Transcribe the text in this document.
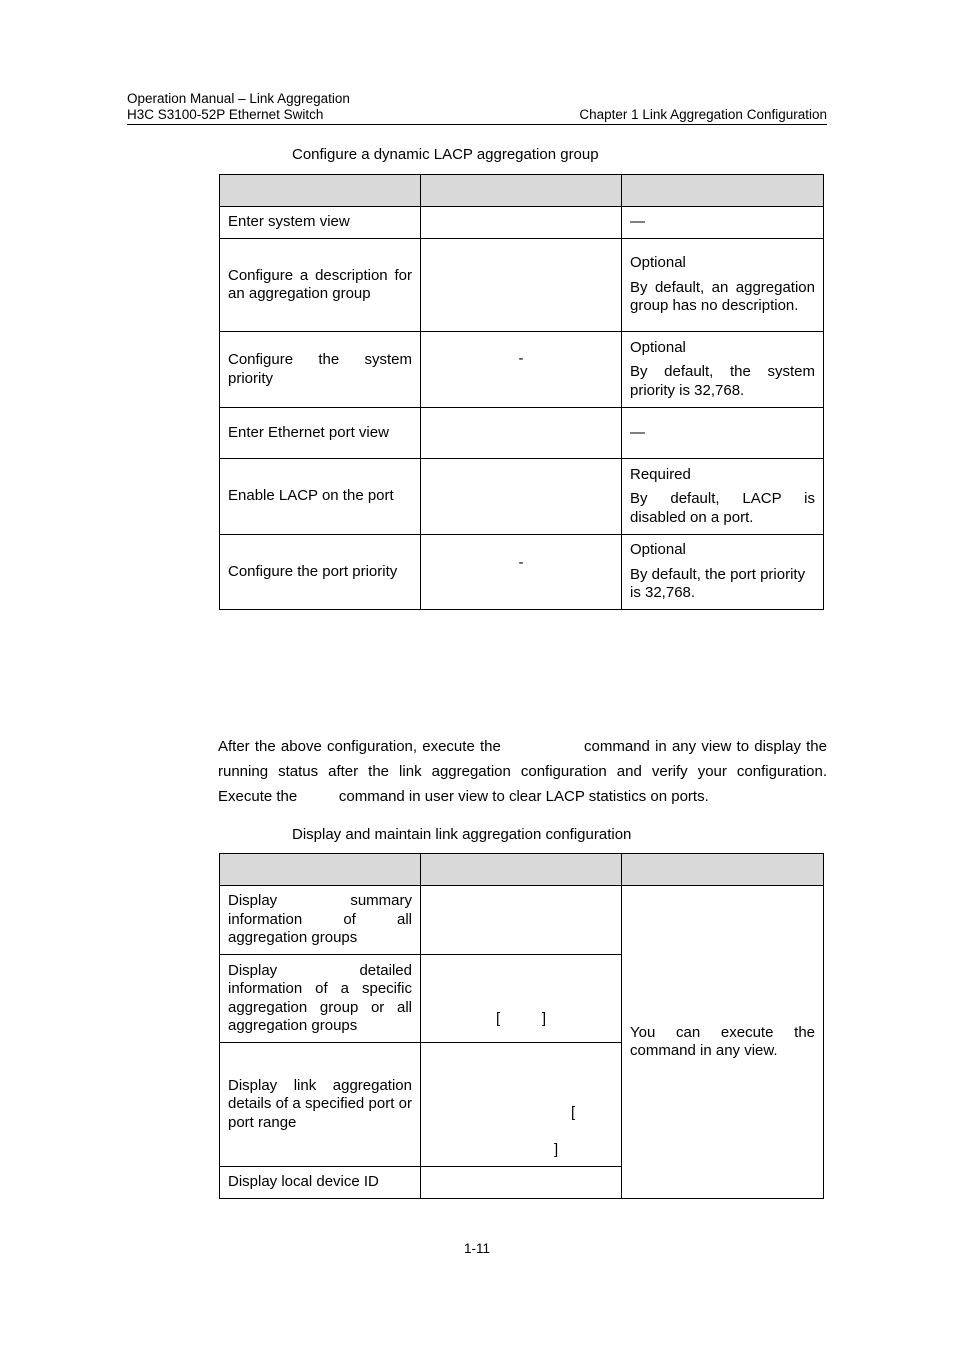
Operation Manual – Link Aggregation
H3C S3100-52P Ethernet Switch	Chapter 1 Link Aggregation Configuration
Configure a dynamic LACP aggregation group

Enter system view		—
Configure a description for an aggregation group		Optional
By default, an aggregation group has no description.
Configure the system priority	-	Optional
By default, the system priority is 32,768.
Enter Ethernet port view		—
Enable LACP on the port		Required
By default, LACP is disabled on a port.
Configure the port priority	-	Optional
By default, the port priority is 32,768.
After the above configuration, execute the                command in any view to display the
running status after the link aggregation configuration and verify your configuration.
Execute the          command in user view to clear LACP statistics on ports.
Display and maintain link aggregation configuration

Display summary information of all aggregation groups		You can execute the            command in any view.
Display detailed information of a specific aggregation group or all aggregation groups	[          ]	
Display link aggregation details of a specified port or port range	[
]	

Display local device ID		
1-11
